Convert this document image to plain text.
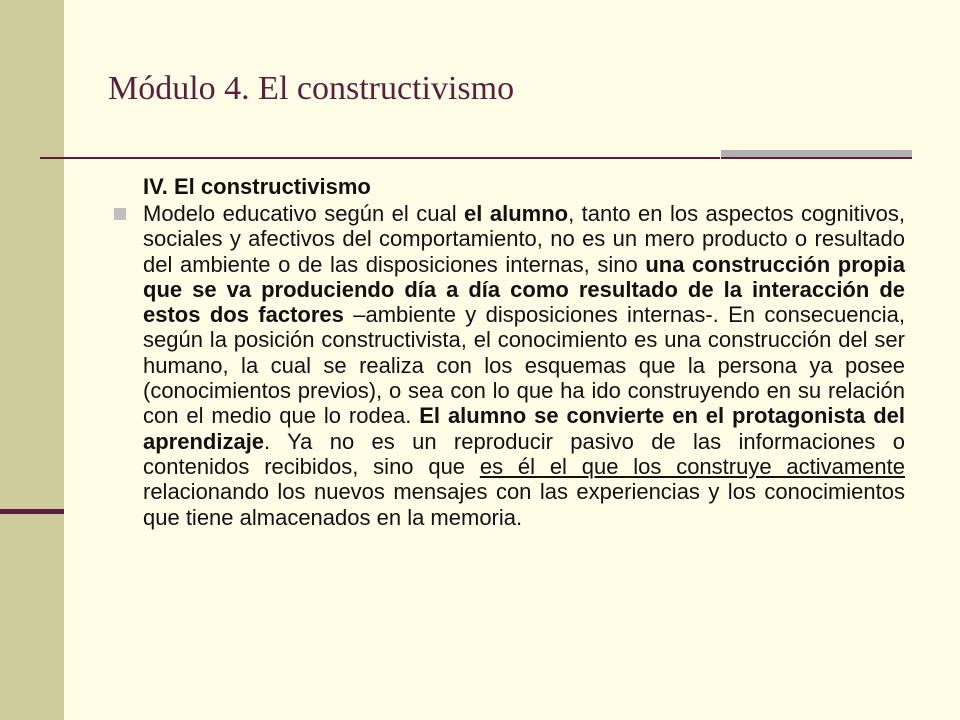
Módulo 4. El constructivismo

IV. El constructivismo

Modelo educativo según el cual el alumno, tanto en los aspectos cognitivos, sociales y afectivos del comportamiento, no es un mero producto o resultado del ambiente o de las disposiciones internas, sino una construcción propia que se va produciendo día a día como resultado de la interacción de estos dos factores –ambiente y disposiciones internas-. En consecuencia, según la posición constructivista, el conocimiento es una construcción del ser humano, la cual se realiza con los esquemas que la persona ya posee (conocimientos previos), o sea con lo que ha ido construyendo en su relación con el medio que lo rodea. El alumno se convierte en el protagonista del aprendizaje. Ya no es un reproducir pasivo de las informaciones o contenidos recibidos, sino que es él el que los construye activamente relacionando los nuevos mensajes con las experiencias y los conocimientos que tiene almacenados en la memoria.
